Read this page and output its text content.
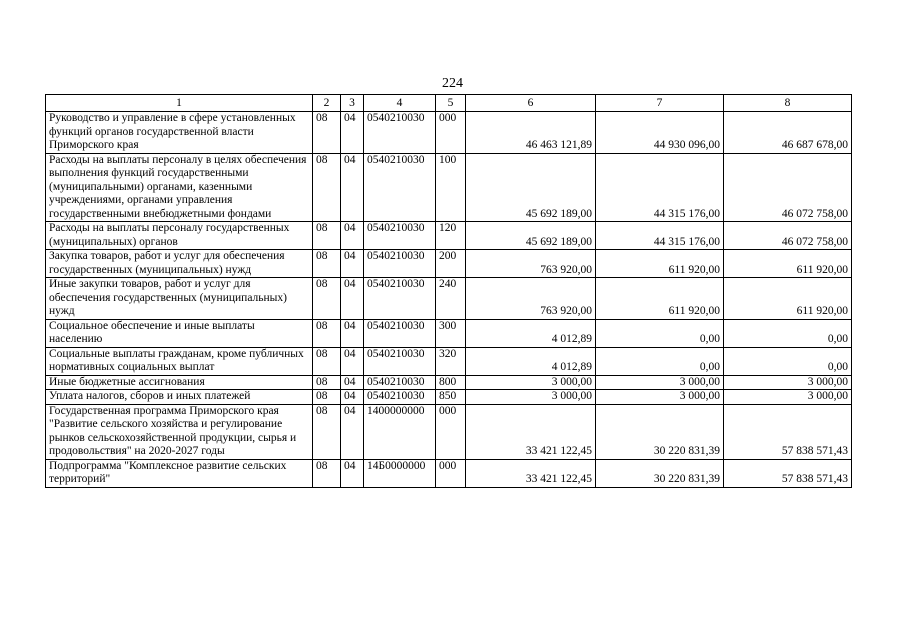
224
1	2	3	4	5	6	7	8
Руководство и управление в сфере установленных функций органов государственной власти Приморского края	08	04	0540210030	000	46 463 121,89	44 930 096,00	46 687 678,00
Расходы на выплаты персоналу в целях обеспечения выполнения функций государственными (муниципальными) органами, казенными учреждениями, органами управления государственными внебюджетными фондами	08	04	0540210030	100	45 692 189,00	44 315 176,00	46 072 758,00
Расходы на выплаты персоналу государственных (муниципальных) органов	08	04	0540210030	120	45 692 189,00	44 315 176,00	46 072 758,00
Закупка товаров, работ и услуг для обеспечения государственных (муниципальных) нужд	08	04	0540210030	200	763 920,00	611 920,00	611 920,00
Иные закупки товаров, работ и услуг для обеспечения государственных (муниципальных) нужд	08	04	0540210030	240	763 920,00	611 920,00	611 920,00
Социальное обеспечение и иные выплаты населению	08	04	0540210030	300	4 012,89	0,00	0,00
Социальные выплаты гражданам, кроме публичных нормативных социальных выплат	08	04	0540210030	320	4 012,89	0,00	0,00
Иные бюджетные ассигнования	08	04	0540210030	800	3 000,00	3 000,00	3 000,00
Уплата налогов, сборов и иных платежей	08	04	0540210030	850	3 000,00	3 000,00	3 000,00
Государственная программа Приморского края "Развитие сельского хозяйства и регулирование рынков сельскохозяйственной продукции, сырья и продовольствия" на 2020-2027 годы	08	04	1400000000	000	33 421 122,45	30 220 831,39	57 838 571,43
Подпрограмма "Комплексное развитие сельских территорий"	08	04	14Б0000000	000	33 421 122,45	30 220 831,39	57 838 571,43
